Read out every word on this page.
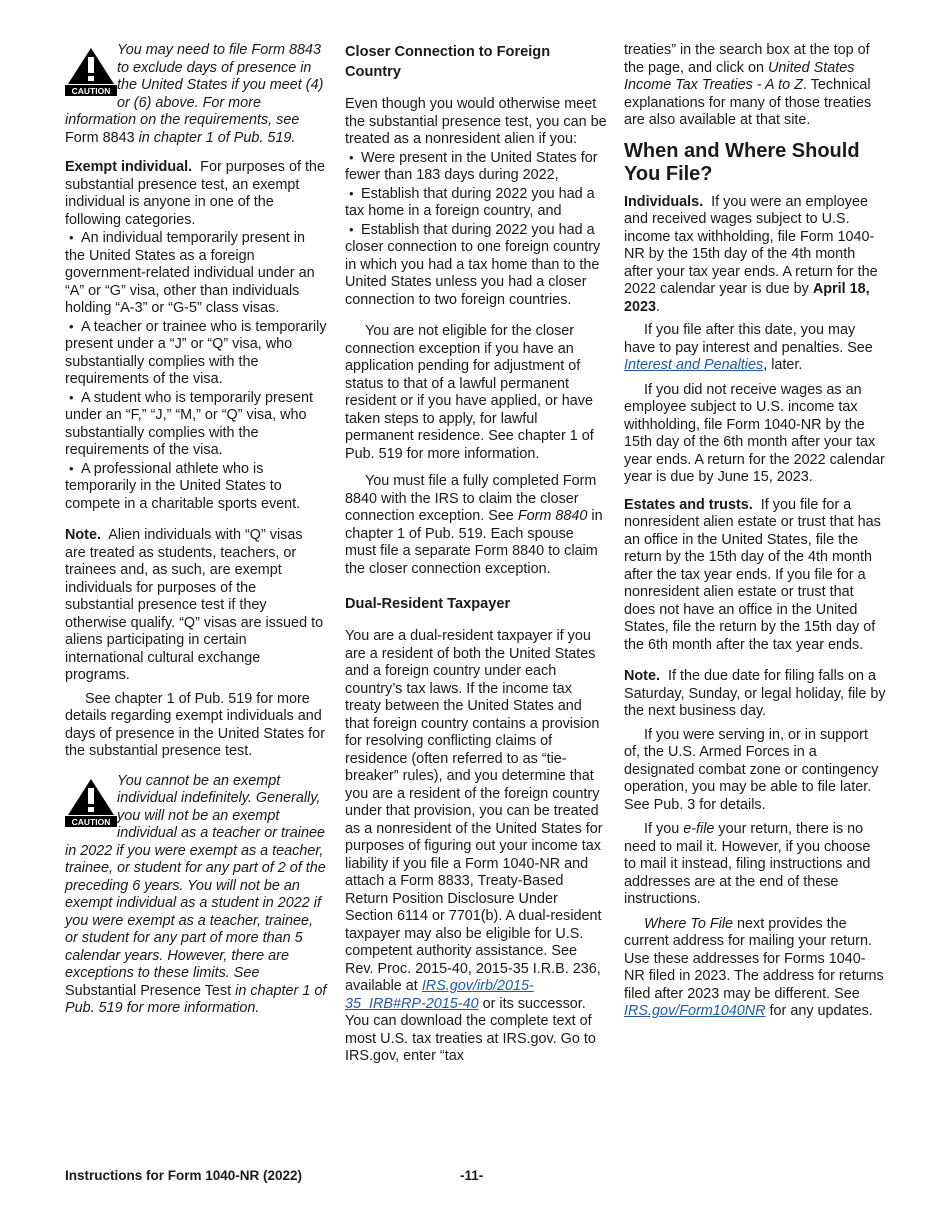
CAUTION

You may need to file Form 8843 to exclude days of presence in the United States if you meet (4) or (6) above. For more information on the requirements, see Form 8843 in chapter 1 of Pub. 519.

Exempt individual. For purposes of the substantial presence test, an exempt individual is anyone in one of the following categories.

• An individual temporarily present in the United States as a foreign government-related individual under an “A” or “G” visa, other than individuals holding “A-3” or “G-5” class visas.

• A teacher or trainee who is temporarily present under a “J” or “Q” visa, who substantially complies with the requirements of the visa.

• A student who is temporarily present under an “F,” “J,” “M,” or “Q” visa, who substantially complies with the requirements of the visa.

• A professional athlete who is temporarily in the United States to compete in a charitable sports event.

Note. Alien individuals with “Q” visas are treated as students, teachers, or trainees and, as such, are exempt individuals for purposes of the substantial presence test if they otherwise qualify. “Q” visas are issued to aliens participating in certain international cultural exchange programs.

See chapter 1 of Pub. 519 for more details regarding exempt individuals and days of presence in the United States for the substantial presence test.

CAUTION

You cannot be an exempt individual indefinitely. Generally, you will not be an exempt individual as a teacher or trainee in 2022 if you were exempt as a teacher, trainee, or student for any part of 2 of the preceding 6 years. You will not be an exempt individual as a student in 2022 if you were exempt as a teacher, trainee, or student for any part of more than 5 calendar years. However, there are exceptions to these limits. See Substantial Presence Test in chapter 1 of Pub. 519 for more information.

Closer Connection to Foreign Country

Even though you would otherwise meet the substantial presence test, you can be treated as a nonresident alien if you:

• Were present in the United States for fewer than 183 days during 2022,

• Establish that during 2022 you had a tax home in a foreign country, and

• Establish that during 2022 you had a closer connection to one foreign country in which you had a tax home than to the United States unless you had a closer connection to two foreign countries.

You are not eligible for the closer connection exception if you have an application pending for adjustment of status to that of a lawful permanent resident or if you have applied, or have taken steps to apply, for lawful permanent residence. See chapter 1 of Pub. 519 for more information.

You must file a fully completed Form 8840 with the IRS to claim the closer connection exception. See Form 8840 in chapter 1 of Pub. 519. Each spouse must file a separate Form 8840 to claim the closer connection exception.

Dual-Resident Taxpayer

You are a dual-resident taxpayer if you are a resident of both the United States and a foreign country under each country’s tax laws. If the income tax treaty between the United States and that foreign country contains a provision for resolving conflicting claims of residence (often referred to as “tie-breaker” rules), and you determine that you are a resident of the foreign country under that provision, you can be treated as a nonresident of the United States for purposes of figuring out your income tax liability if you file a Form 1040-NR and attach a Form 8833, Treaty-Based Return Position Disclosure Under Section 6114 or 7701(b). A dual-resident taxpayer may also be eligible for U.S. competent authority assistance. See Rev. Proc. 2015-40, 2015-35 I.R.B. 236, available at IRS.gov/irb/2015-35_IRB#RP-2015-40 or its successor. You can download the complete text of most U.S. tax treaties at IRS.gov. Go to IRS.gov, enter “tax

treaties” in the search box at the top of the page, and click on United States Income Tax Treaties - A to Z. Technical explanations for many of those treaties are also available at that site.

When and Where Should You File?

Individuals. If you were an employee and received wages subject to U.S. income tax withholding, file Form 1040-NR by the 15th day of the 4th month after your tax year ends. A return for the 2022 calendar year is due by April 18, 2023.

If you file after this date, you may have to pay interest and penalties. See Interest and Penalties, later.

If you did not receive wages as an employee subject to U.S. income tax withholding, file Form 1040-NR by the 15th day of the 6th month after your tax year ends. A return for the 2022 calendar year is due by June 15, 2023.

Estates and trusts. If you file for a nonresident alien estate or trust that has an office in the United States, file the return by the 15th day of the 4th month after the tax year ends. If you file for a nonresident alien estate or trust that does not have an office in the United States, file the return by the 15th day of the 6th month after the tax year ends.

Note. If the due date for filing falls on a Saturday, Sunday, or legal holiday, file by the next business day.

If you were serving in, or in support of, the U.S. Armed Forces in a designated combat zone or contingency operation, you may be able to file later. See Pub. 3 for details.

If you e-file your return, there is no need to mail it. However, if you choose to mail it instead, filing instructions and addresses are at the end of these instructions.

Where To File next provides the current address for mailing your return. Use these addresses for Forms 1040-NR filed in 2023. The address for returns filed after 2023 may be different. See IRS.gov/Form1040NR for any updates.

Instructions for Form 1040-NR (2022)	-11-
